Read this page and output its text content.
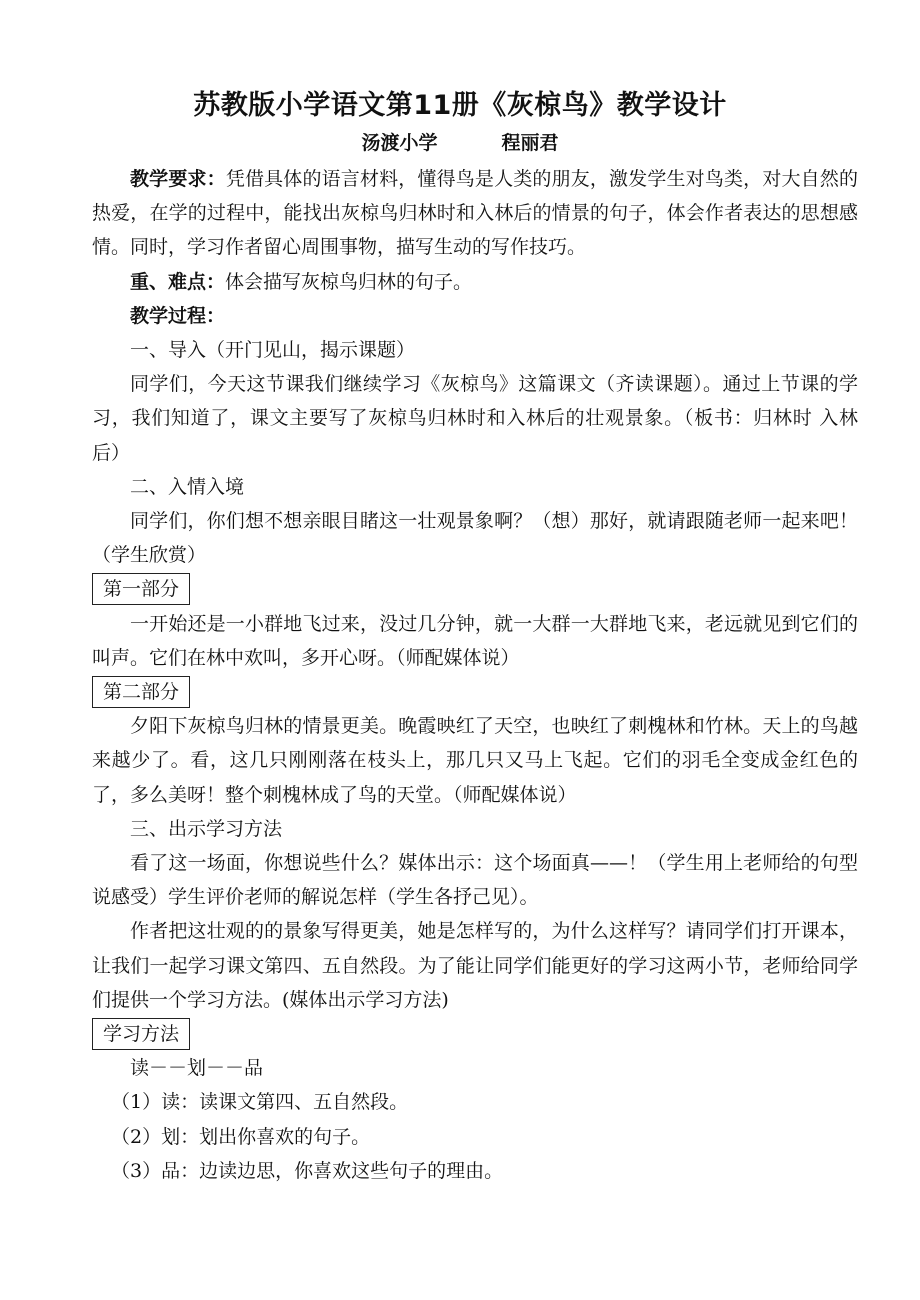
苏教版小学语文第11册《灰椋鸟》教学设计
汤渡小学	程丽君

教学要求：凭借具体的语言材料，懂得鸟是人类的朋友，激发学生对鸟类，对大自然的热爱，在学的过程中，能找出灰椋鸟归林时和入林后的情景的句子，体会作者表达的思想感情。同时，学习作者留心周围事物，描写生动的写作技巧。

重、难点：体会描写灰椋鸟归林的句子。

教学过程：

一、导入（开门见山，揭示课题）

同学们，今天这节课我们继续学习《灰椋鸟》这篇课文（齐读课题）。通过上节课的学习，我们知道了，课文主要写了灰椋鸟归林时和入林后的壮观景象。（板书：归林时 入林后）

二、入情入境

同学们，你们想不想亲眼目睹这一壮观景象啊？（想）那好，就请跟随老师一起来吧！（学生欣赏）

第一部分

一开始还是一小群地飞过来，没过几分钟，就一大群一大群地飞来，老远就见到它们的叫声。它们在林中欢叫，多开心呀。（师配媒体说）

第二部分

夕阳下灰椋鸟归林的情景更美。晚霞映红了天空，也映红了刺槐林和竹林。天上的鸟越来越少了。看，这几只刚刚落在枝头上，那几只又马上飞起。它们的羽毛全变成金红色的了，多么美呀！整个刺槐林成了鸟的天堂。（师配媒体说）

三、出示学习方法

看了这一场面，你想说些什么？媒体出示：这个场面真——！（学生用上老师给的句型说感受）学生评价老师的解说怎样（学生各抒己见）。

作者把这壮观的的景象写得更美，她是怎样写的，为什么这样写？请同学们打开课本，让我们一起学习课文第四、五自然段。为了能让同学们能更好的学习这两小节，老师给同学们提供一个学习方法。(媒体出示学习方法)

学习方法

读－－划－－品

（1）读：读课文第四、五自然段。

（2）划：划出你喜欢的句子。

（3）品：边读边思，你喜欢这些句子的理由。
